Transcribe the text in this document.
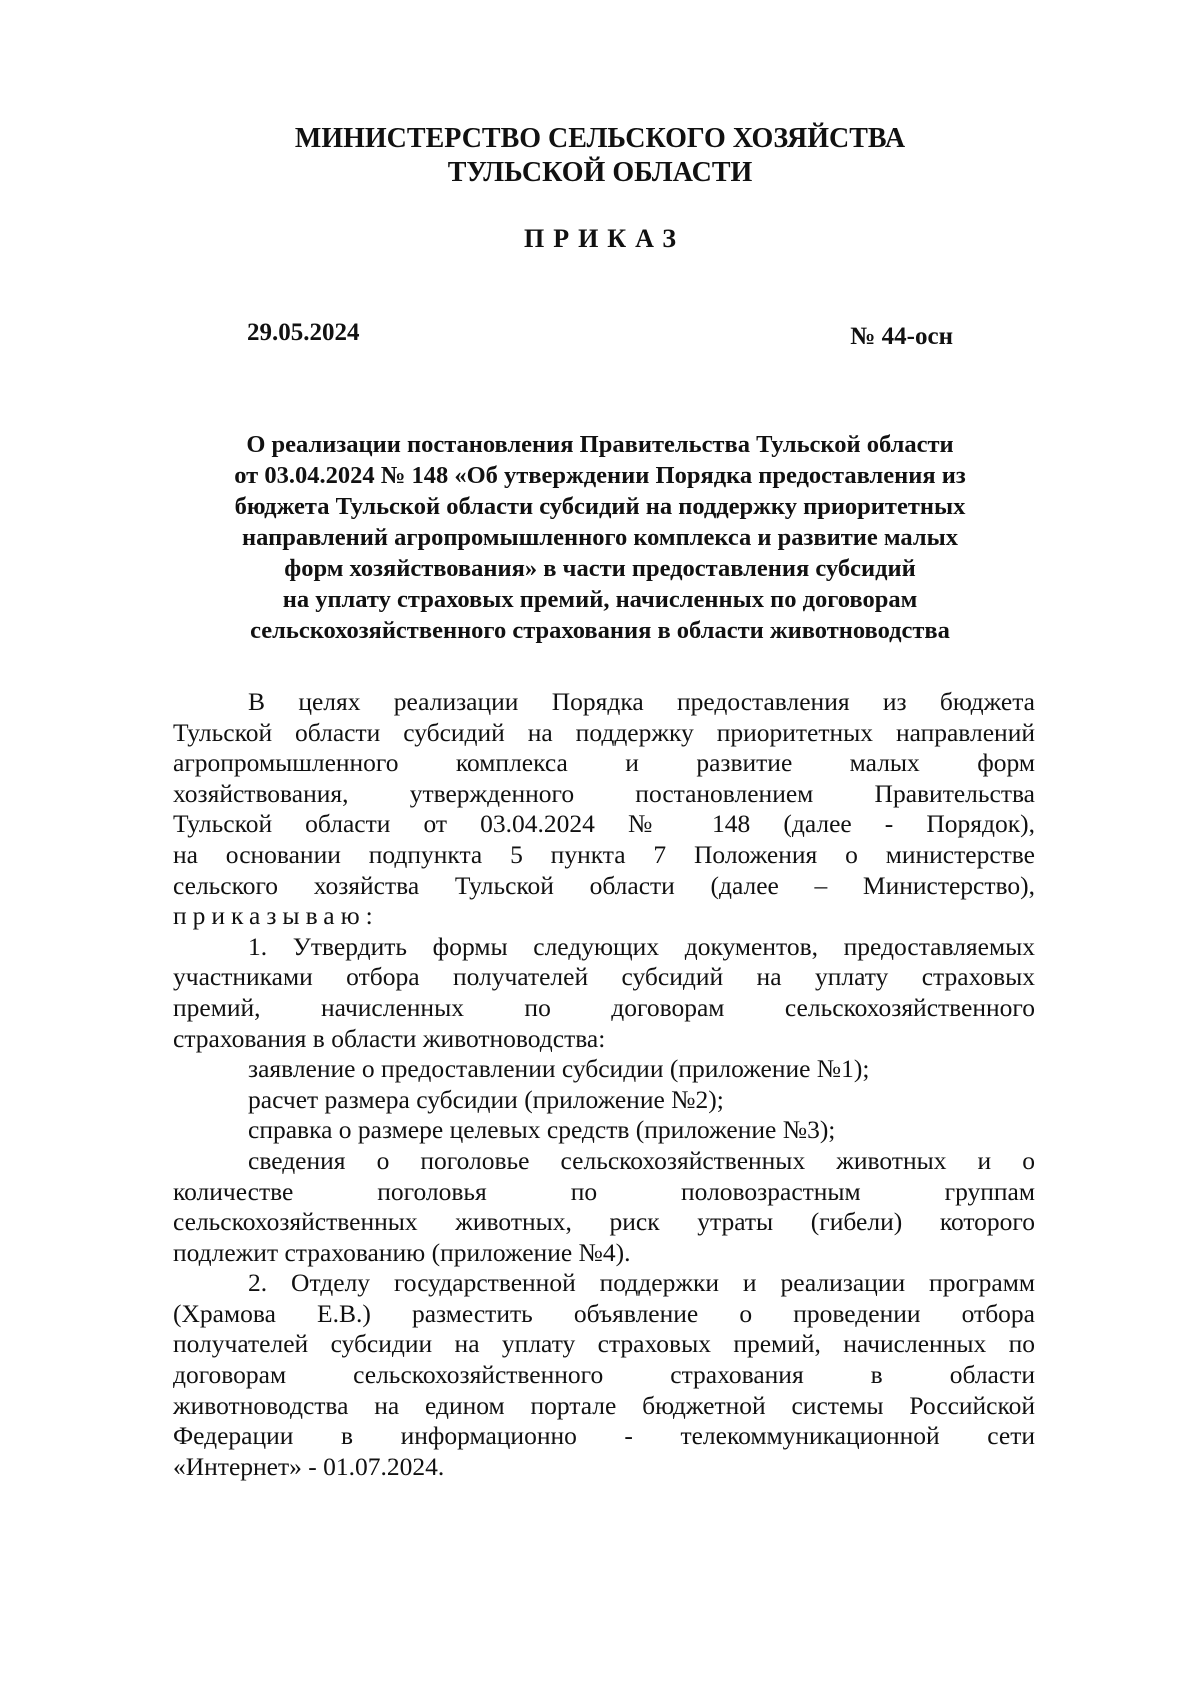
МИНИСТЕРСТВО СЕЛЬСКОГО ХОЗЯЙСТВА
ТУЛЬСКОЙ ОБЛАСТИ
ПРИКАЗ
29.05.2024	№ 44-осн
О реализации постановления Правительства Тульской области
от 03.04.2024 № 148 «Об утверждении Порядка предоставления из
бюджета Тульской области субсидий на поддержку приоритетных
направлений агропромышленного комплекса и развитие малых
форм хозяйствования» в части предоставления субсидий
на уплату страховых премий, начисленных по договорам
сельскохозяйственного страхования в области животноводства
В целях реализации Порядка предоставления из бюджета
Тульской области субсидий на поддержку приоритетных направлений
агропромышленного комплекса и развитие малых форм
хозяйствования, утвержденного постановлением Правительства
Тульской области от 03.04.2024 № 148 (далее - Порядок),
на основании подпункта 5 пункта 7 Положения о министерстве
сельского хозяйства Тульской области (далее – Министерство),
приказываю:
1. Утвердить формы следующих документов, предоставляемых
участниками отбора получателей субсидий на уплату страховых
премий, начисленных по договорам сельскохозяйственного
страхования в области животноводства:
заявление о предоставлении субсидии (приложение №1);
расчет размера субсидии (приложение №2);
справка о размере целевых средств (приложение №3);
сведения о поголовье сельскохозяйственных животных и о
количестве поголовья по половозрастным группам
сельскохозяйственных животных, риск утраты (гибели) которого
подлежит страхованию (приложение №4).
2. Отделу государственной поддержки и реализации программ
(Храмова Е.В.) разместить объявление о проведении отбора
получателей субсидии на уплату страховых премий, начисленных по
договорам сельскохозяйственного страхования в области
животноводства на едином портале бюджетной системы Российской
Федерации в информационно - телекоммуникационной сети
«Интернет» - 01.07.2024.
